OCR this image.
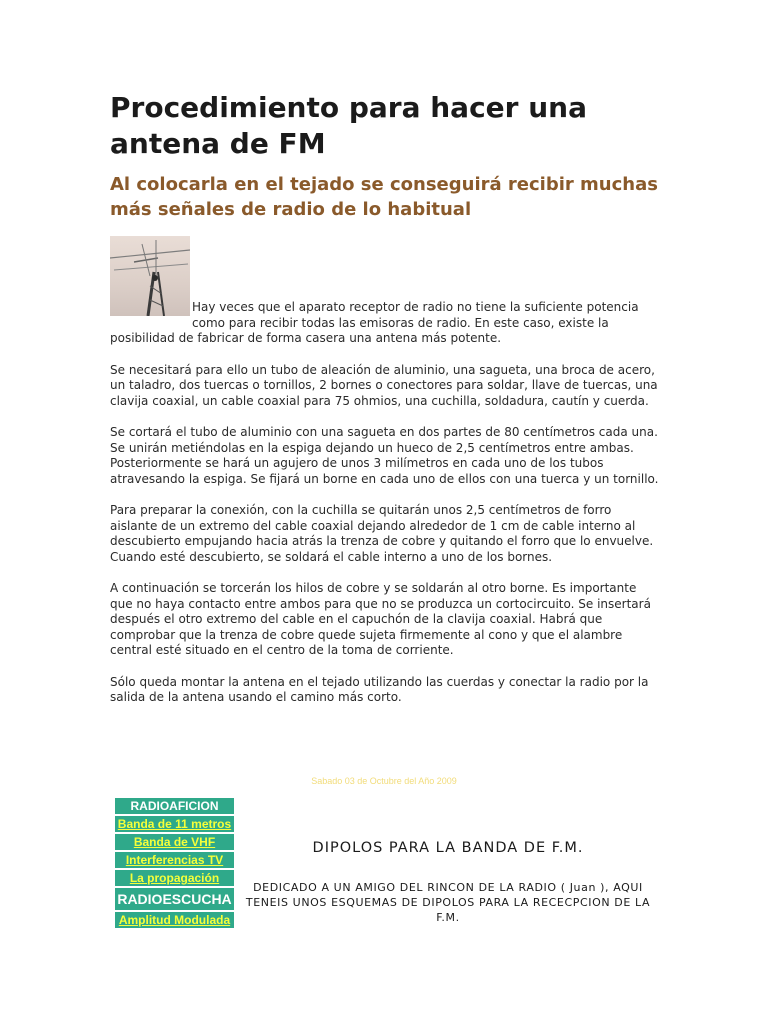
Procedimiento para hacer una antena de FM
Al colocarla en el tejado se conseguirá recibir muchas más señales de radio de lo habitual

Hay veces que el aparato receptor de radio no tiene la suficiente potencia como para recibir todas las emisoras de radio. En este caso, existe la posibilidad de fabricar de forma casera una antena más potente.

Se necesitará para ello un tubo de aleación de aluminio, una sagueta, una broca de acero, un taladro, dos tuercas o tornillos, 2 bornes o conectores para soldar, llave de tuercas, una clavija coaxial, un cable coaxial para 75 ohmios, una cuchilla, soldadura, cautín y cuerda.

Se cortará el tubo de aluminio con una sagueta en dos partes de 80 centímetros cada una. Se unirán metiéndolas en la espiga dejando un hueco de 2,5 centímetros entre ambas. Posteriormente se hará un agujero de unos 3 milímetros en cada uno de los tubos atravesando la espiga. Se fijará un borne en cada uno de ellos con una tuerca y un tornillo.

Para preparar la conexión, con la cuchilla se quitarán unos 2,5 centímetros de forro aislante de un extremo del cable coaxial dejando alrededor de 1 cm de cable interno al descubierto empujando hacia atrás la trenza de cobre y quitando el forro que lo envuelve. Cuando esté descubierto, se soldará el cable interno a uno de los bornes.

A continuación se torcerán los hilos de cobre y se soldarán al otro borne. Es importante que no haya contacto entre ambos para que no se produzca un cortocircuito. Se insertará después el otro extremo del cable en el capuchón de la clavija coaxial. Habrá que comprobar que la trenza de cobre quede sujeta firmemente al cono y que el alambre central esté situado en el centro de la toma de corriente.

Sólo queda montar la antena en el tejado utilizando las cuerdas y conectar la radio por la salida de la antena usando el camino más corto.

Sabado 03 de Octubre del Año 2009
RADIOAFICION
Banda de 11 metros
Banda de VHF
Interferencias TV
La propagación
RADIOESCUCHA
Amplitud Modulada
DIPOLOS PARA LA BANDA DE F.M.
DEDICADO A UN AMIGO DEL RINCON DE LA RADIO ( Juan ), AQUI TENEIS UNOS ESQUEMAS DE DIPOLOS PARA LA RECECPCION DE LA F.M.
